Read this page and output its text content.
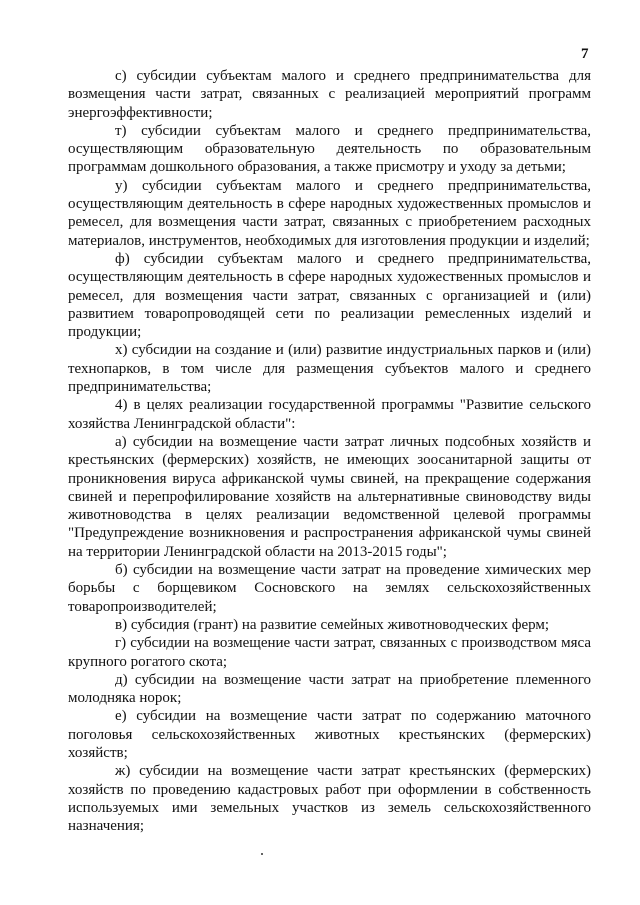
7

с) субсидии субъектам малого и среднего предпринимательства для возмещения части затрат, связанных с реализацией мероприятий программ энергоэффективности;

т) субсидии субъектам малого и среднего предпринимательства, осуществляющим образовательную деятельность по образовательным программам дошкольного образования, а также присмотру и уходу за детьми;

у) субсидии субъектам малого и среднего предпринимательства, осуществляющим деятельность в сфере народных художественных промыслов и ремесел, для возмещения части затрат, связанных с приобретением расходных материалов, инструментов, необходимых для изготовления продукции и изделий;

ф) субсидии субъектам малого и среднего предпринимательства, осуществляющим деятельность в сфере народных художественных промыслов и ремесел, для возмещения части затрат, связанных с организацией и (или) развитием товаропроводящей сети по реализации ремесленных изделий и продукции;

х) субсидии на создание и (или) развитие индустриальных парков и (или) технопарков, в том числе для размещения субъектов малого и среднего предпринимательства;

4) в целях реализации государственной программы "Развитие сельского хозяйства Ленинградской области":

а) субсидии на возмещение части затрат личных подсобных хозяйств и крестьянских (фермерских) хозяйств, не имеющих зоосанитарной защиты от проникновения вируса африканской чумы свиней, на прекращение содержания свиней и перепрофилирование хозяйств на альтернативные свиноводству виды животноводства в целях реализации ведомственной целевой программы "Предупреждение возникновения и распространения африканской чумы свиней на территории Ленинградской области на 2013-2015 годы";

б) субсидии на возмещение части затрат на проведение химических мер борьбы с борщевиком Сосновского на землях сельскохозяйственных товаропроизводителей;

в) субсидия (грант) на развитие семейных животноводческих ферм;

г) субсидии на возмещение части затрат, связанных с производством мяса крупного рогатого скота;

д) субсидии на возмещение части затрат на приобретение племенного молодняка норок;

е) субсидии на возмещение части затрат по содержанию маточного поголовья сельскохозяйственных животных крестьянских (фермерских) хозяйств;

ж) субсидии на возмещение части затрат крестьянских (фермерских) хозяйств по проведению кадастровых работ при оформлении в собственность используемых ими земельных участков из земель сельскохозяйственного назначения;
